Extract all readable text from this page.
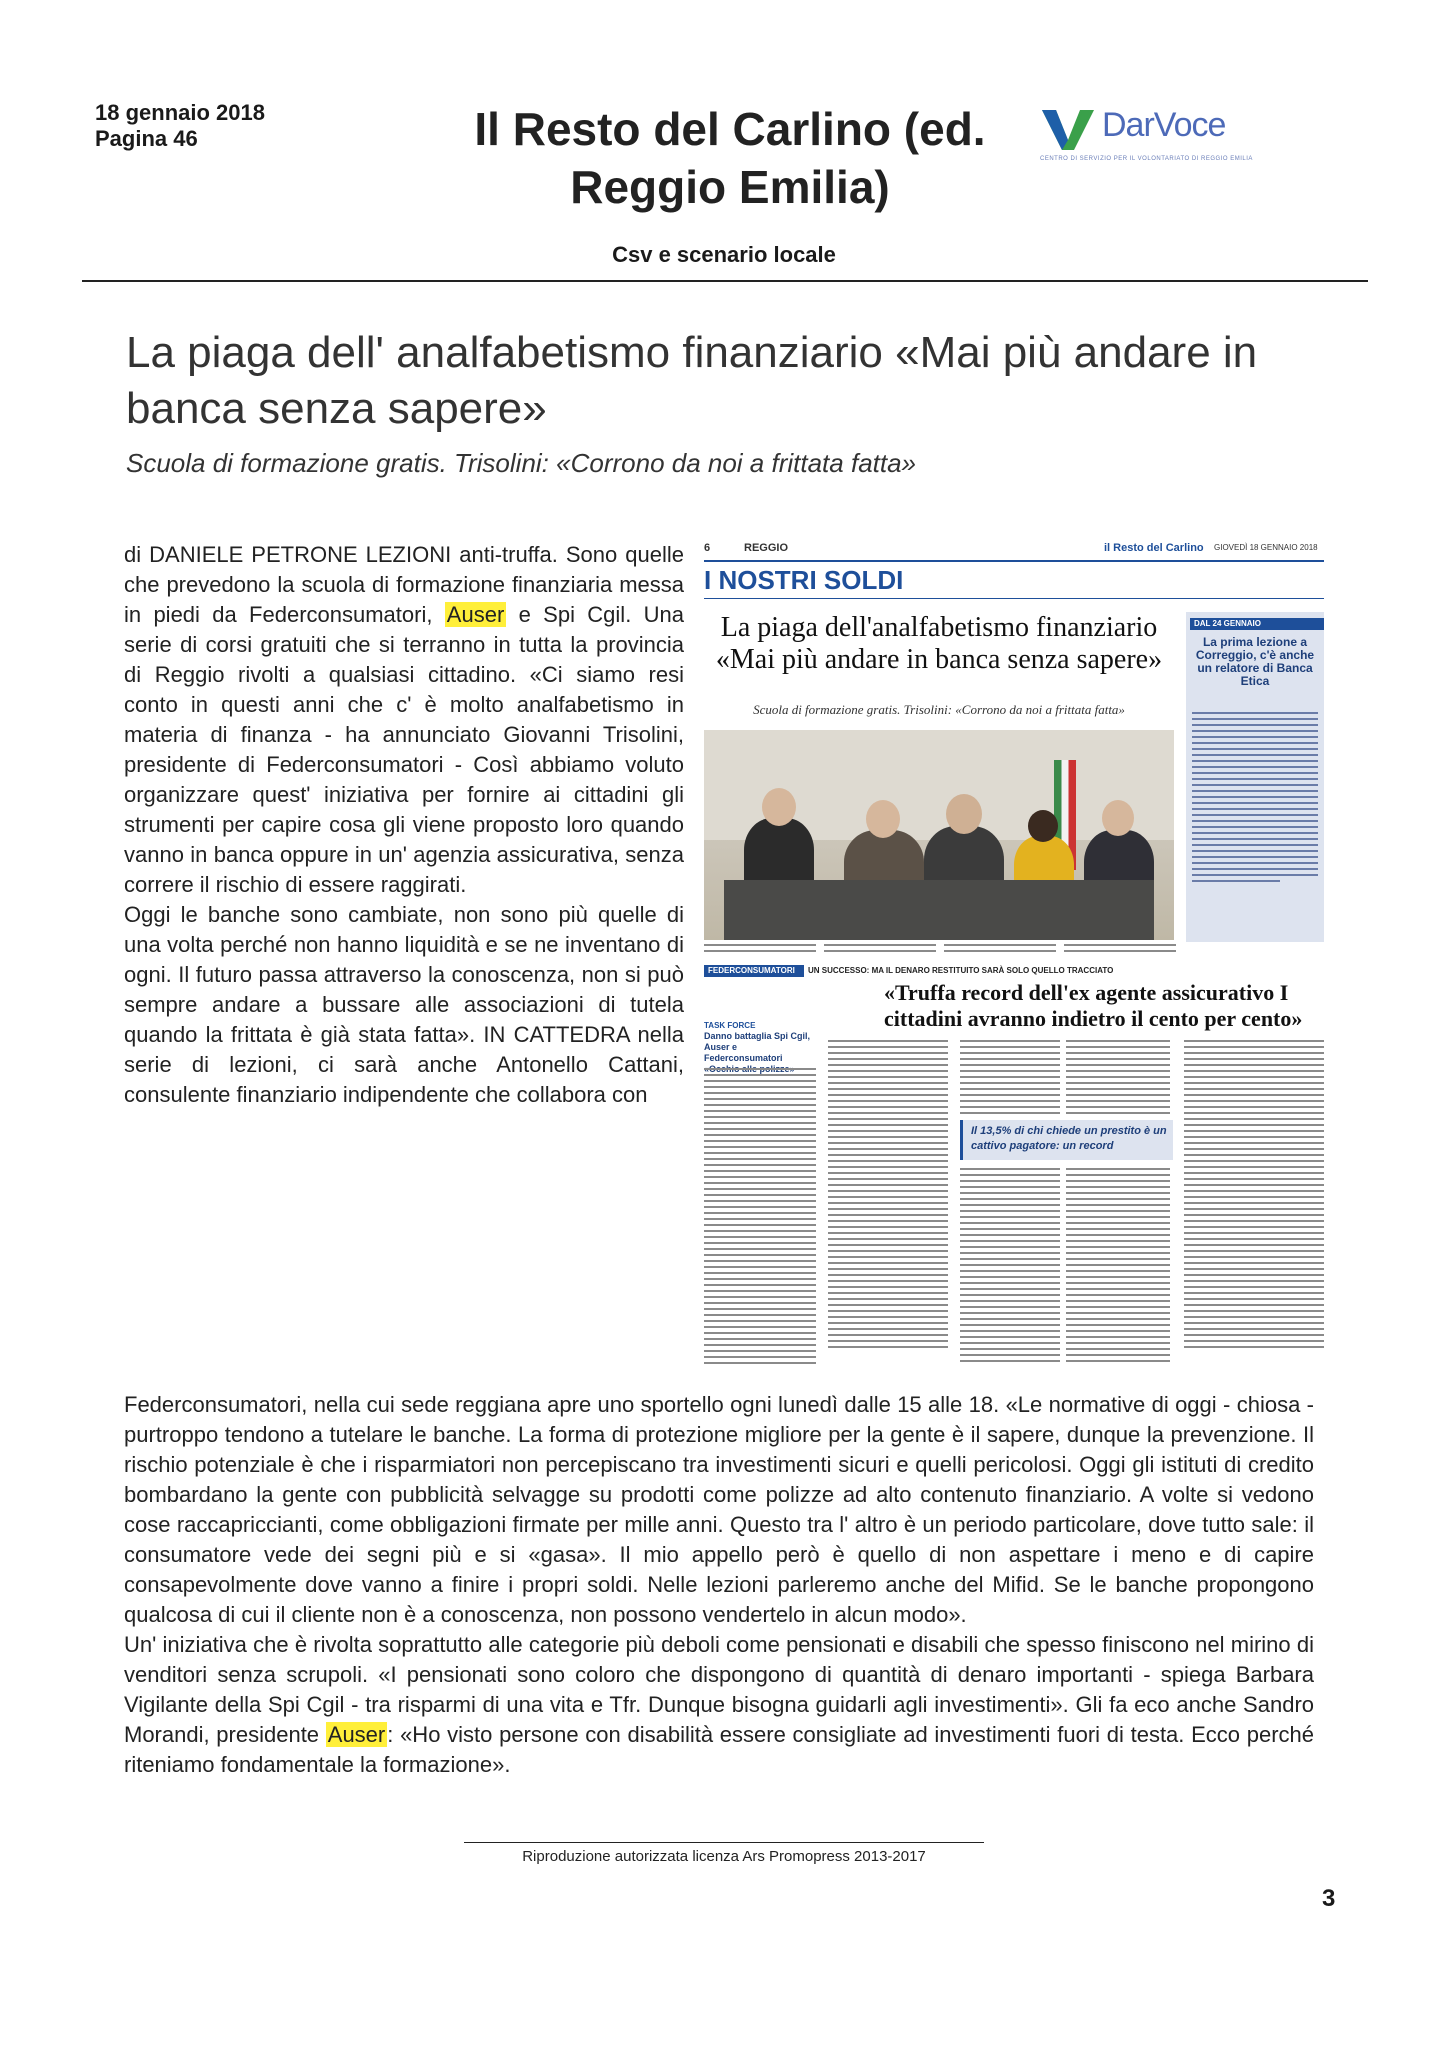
18 gennaio 2018
Pagina 46	Il Resto del Carlino (ed. Reggio Emilia)
DarVoce
CENTRO DI SERVIZIO PER IL VOLONTARIATO DI REGGIO EMILIA
Csv e scenario locale
La piaga dell' analfabetismo finanziario «Mai più andare in banca senza sapere»
Scuola di formazione gratis. Trisolini: «Corrono da noi a frittata fatta»
di DANIELE PETRONE LEZIONI anti-truffa. Sono quelle che prevedono la scuola di formazione finanziaria messa in piedi da Federconsumatori, Auser e Spi Cgil. Una serie di corsi gratuiti che si terranno in tutta la provincia di Reggio rivolti a qualsiasi cittadino. «Ci siamo resi conto in questi anni che c' è molto analfabetismo in materia di finanza - ha annunciato Giovanni Trisolini, presidente di Federconsumatori - Così abbiamo voluto organizzare quest' iniziativa per fornire ai cittadini gli strumenti per capire cosa gli viene proposto loro quando vanno in banca oppure in un' agenzia assicurativa, senza correre il rischio di essere raggirati.
Oggi le banche sono cambiate, non sono più quelle di una volta perché non hanno liquidità e se ne inventano di ogni. Il futuro passa attraverso la conoscenza, non si può sempre andare a bussare alle associazioni di tutela quando la frittata è già stata fatta». IN CATTEDRA nella serie di lezioni, ci sarà anche Antonello Cattani, consulente finanziario indipendente che collabora con
6	REGGIO	il Resto del Carlino GIOVEDÌ 18 GENNAIO 2018
I NOSTRI SOLDI
La piaga dell'analfabetismo finanziario «Mai più andare in banca senza sapere»
Scuola di formazione gratis. Trisolini: «Corrono da noi a frittata fatta»
DAL 24 GENNAIO
La prima lezione a Correggio, c'è anche un relatore di Banca Etica
FEDERCONSUMATORI UN SUCCESSO: MA IL DENARO RESTITUITO SARÀ SOLO QUELLO TRACCIATO
«Truffa record dell'ex agente assicurativo I cittadini avranno indietro il cento per cento»
TASK FORCE
Danno battaglia Spi Cgil, Auser e Federconsumatori
Il 13,5% di chi chiede un prestito è un cattivo pagatore: un record

Federconsumatori, nella cui sede reggiana apre uno sportello ogni lunedì dalle 15 alle 18. «Le normative di oggi - chiosa - purtroppo tendono a tutelare le banche. La forma di protezione migliore per la gente è il sapere, dunque la prevenzione. Il rischio potenziale è che i risparmiatori non percepiscano tra investimenti sicuri e quelli pericolosi. Oggi gli istituti di credito bombardano la gente con pubblicità selvagge su prodotti come polizze ad alto contenuto finanziario. A volte si vedono cose raccapriccianti, come obbligazioni firmate per mille anni. Questo tra l' altro è un periodo particolare, dove tutto sale: il consumatore vede dei segni più e si «gasa». Il mio appello però è quello di non aspettare i meno e di capire consapevolmente dove vanno a finire i propri soldi. Nelle lezioni parleremo anche del Mifid. Se le banche propongono qualcosa di cui il cliente non è a conoscenza, non possono vendertelo in alcun modo».

Un' iniziativa che è rivolta soprattutto alle categorie più deboli come pensionati e disabili che spesso finiscono nel mirino di venditori senza scrupoli. «I pensionati sono coloro che dispongono di quantità di denaro importanti - spiega Barbara Vigilante della Spi Cgil - tra risparmi di una vita e Tfr. Dunque bisogna guidarli agli investimenti». Gli fa eco anche Sandro Morandi, presidente Auser: «Ho visto persone con disabilità essere consigliate ad investimenti fuori di testa. Ecco perché riteniamo fondamentale la formazione».

Riproduzione autorizzata licenza Ars Promopress 2013-2017
3
